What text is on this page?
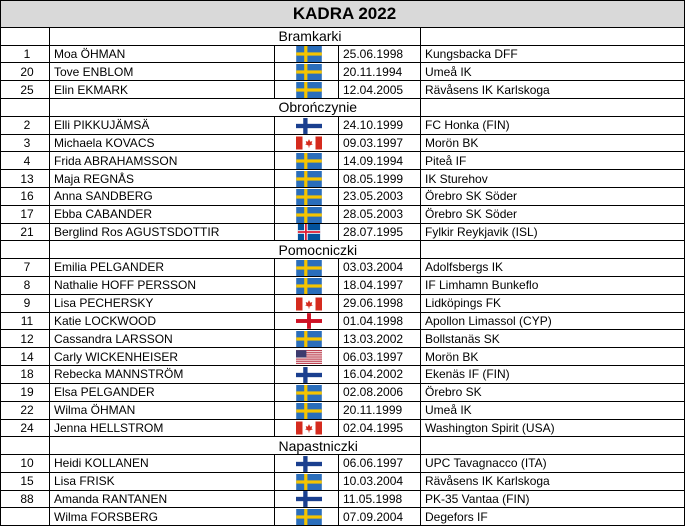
KADRA 2022				
		Bramkarki		
1	Moa ÖHMAN		25.06.1998	Kungsbacka DFF
20	Tove ENBLOM		20.11.1994	Umeå IK
25	Elin EKMARK		12.04.2005	Rävåsens IK Karlskoga
		Obrończynie		
2	Elli PIKKUJÄMSÄ		24.10.1999	FC Honka (FIN)
3	Michaela KOVACS		09.03.1997	Morön BK
4	Frida ABRAHAMSSON		14.09.1994	Piteå IF
13	Maja REGNÅS		08.05.1999	IK Sturehov
16	Anna SANDBERG		23.05.2003	Örebro SK Söder
17	Ebba CABANDER		28.05.2003	Örebro SK Söder
21	Berglind Ros AGUSTSDOTTIR		28.07.1995	Fylkir Reykjavik (ISL)
		Pomocniczki		
7	Emilia PELGANDER		03.03.2004	Adolfsbergs IK
8	Nathalie HOFF PERSSON		18.04.1997	IF Limhamn Bunkeflo
9	Lisa PECHERSKY		29.06.1998	Lidköpings FK
11	Katie LOCKWOOD		01.04.1998	Apollon Limassol (CYP)
12	Cassandra LARSSON		13.03.2002	Bollstanäs SK
14	Carly WICKENHEISER		06.03.1997	Morön BK
18	Rebecka MANNSTRÖM		16.04.2002	Ekenäs IF (FIN)
19	Elsa PELGANDER		02.08.2006	Örebro SK
22	Wilma ÖHMAN		20.11.1999	Umeå IK
24	Jenna HELLSTROM		02.04.1995	Washington Spirit (USA)
		Napastniczki		
10	Heidi KOLLANEN		06.06.1997	UPC Tavagnacco (ITA)
15	Lisa FRISK		10.03.2004	Rävåsens IK Karlskoga
88	Amanda RANTANEN		11.05.1998	PK-35 Vantaa (FIN)
	Wilma FORSBERG		07.09.2004	Degefors IF
